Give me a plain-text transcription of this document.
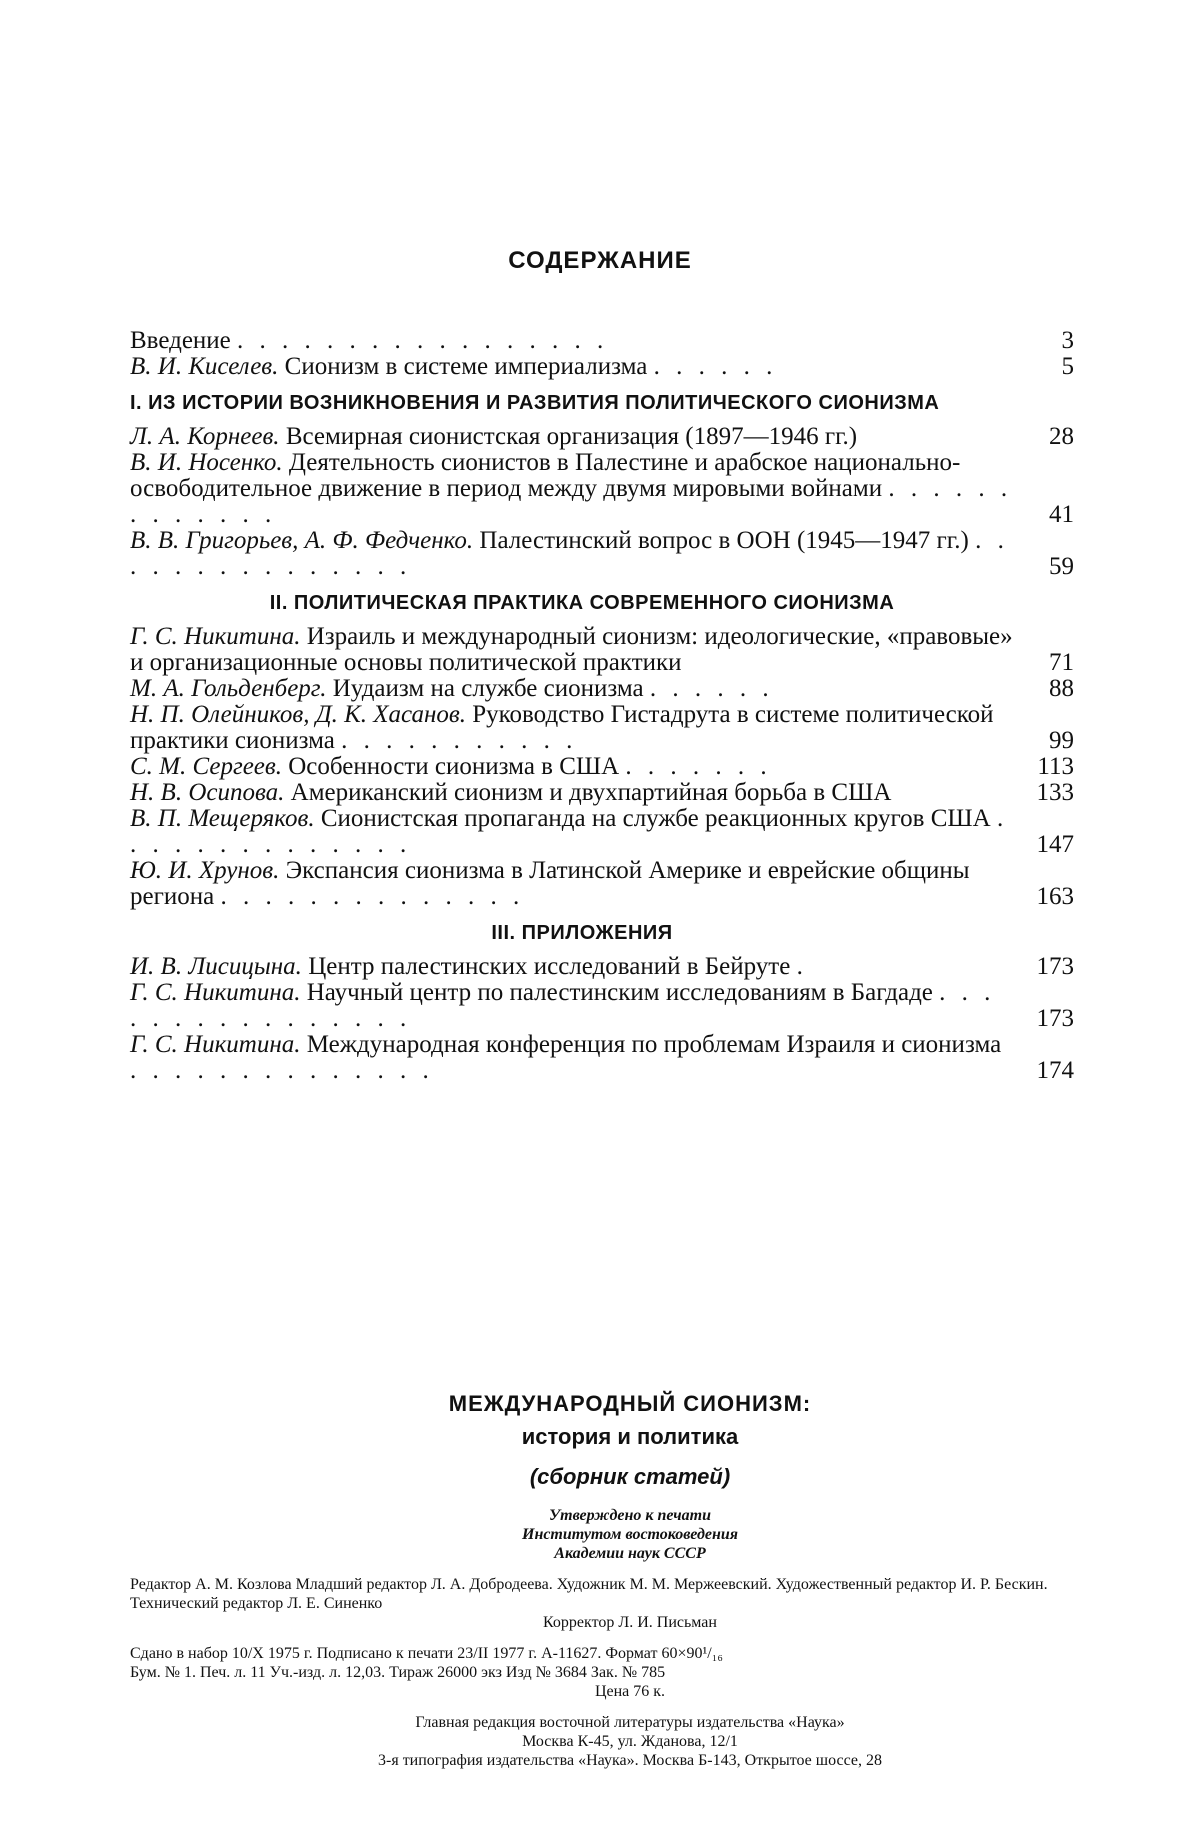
СОДЕРЖАНИЕ
Введение . . . . . . . . . . . . . . . . .	3
В. И. Киселев. Сионизм в системе империализма . . . . . .	5
I. ИЗ ИСТОРИИ ВОЗНИКНОВЕНИЯ И РАЗВИТИЯ ПОЛИТИЧЕСКОГО СИОНИЗМА
Л. А. Корнеев. Всемирная сионистская организация (1897—1946 гг.)	28
В. И. Носенко. Деятельность сионистов в Палестине и арабское национально-освободительное движение в период между двумя мировыми войнами . . . . . . . . . . . . .	41
В. В. Григорьев, А. Ф. Федченко. Палестинский вопрос в ООН (1945—1947 гг.) . . . . . . . . . . . . . . .	59
II. ПОЛИТИЧЕСКАЯ ПРАКТИКА СОВРЕМЕННОГО СИОНИЗМА
Г. С. Никитина. Израиль и международный сионизм: идеологические, «правовые» и организационные основы политической практики	71
М. А. Гольденберг. Иудаизм на службе сионизма . . . . . .	88
Н. П. Олейников, Д. К. Хасанов. Руководство Гистадрута в системе политической практики сионизма . . . . . . . . . . .	99
С. М. Сергеев. Особенности сионизма в США . . . . . . .	113
Н. В. Осипова. Американский сионизм и двухпартийная борьба в США	133
В. П. Мещеряков. Сионистская пропаганда на службе реакционных кругов США . . . . . . . . . . . . . .	147
Ю. И. Хрунов. Экспансия сионизма в Латинской Америке и еврейские общины региона . . . . . . . . . . . . . .	163
III. ПРИЛОЖЕНИЯ
И. В. Лисицына. Центр палестинских исследований в Бейруте .	173
Г. С. Никитина. Научный центр по палестинским исследованиям в Багдаде . . . . . . . . . . . . . . . .	173
Г. С. Никитина. Международная конференция по проблемам Израиля и сионизма . . . . . . . . . . . . . .	174
МЕЖДУНАРОДНЫЙ СИОНИЗМ:
история и политика
(сборник статей)
Утверждено к печати
Институтом востоковедения
Академии наук СССР
Редактор А. М. Козлова Младший редактор Л. А. Добродеева. Художник М. М. Мержеевский. Художественный редактор И. Р. Бескин. Технический редактор Л. Е. Синенко
Корректор Л. И. Письман
Сдано в набор 10/X 1975 г. Подписано к печати 23/II 1977 г. А-11627. Формат 60×90¹/₁₆
Бум. № 1. Печ. л. 11 Уч.-изд. л. 12,03. Тираж 26000 экз Изд № 3684 Зак. № 785
Цена 76 к.
Главная редакция восточной литературы издательства «Наука»
Москва К-45, ул. Жданова, 12/1
3-я типография издательства «Наука». Москва Б-143, Открытое шоссе, 28
